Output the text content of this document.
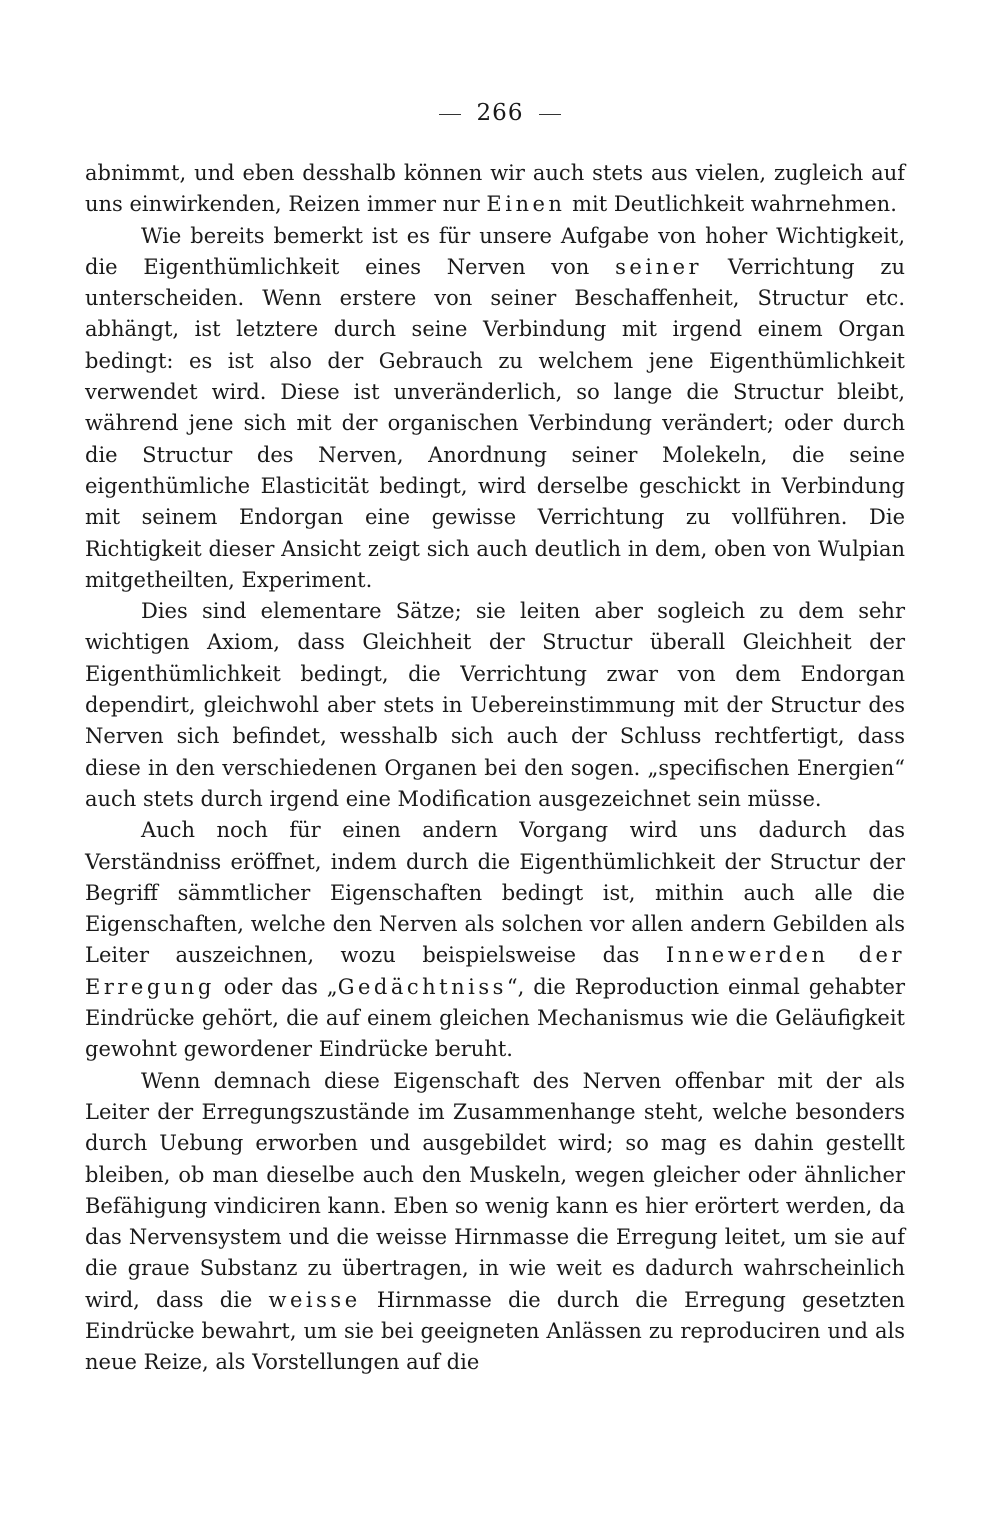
266

abnimmt, und eben desshalb können wir auch stets aus vielen, zugleich auf uns einwirkenden, Reizen immer nur Einen mit Deutlichkeit wahrnehmen.

Wie bereits bemerkt ist es für unsere Aufgabe von hoher Wichtigkeit, die Eigenthümlichkeit eines Nerven von seiner Verrichtung zu unterscheiden. Wenn erstere von seiner Beschaffenheit, Structur etc. abhängt, ist letztere durch seine Verbindung mit irgend einem Organ bedingt: es ist also der Gebrauch zu welchem jene Eigenthümlichkeit verwendet wird. Diese ist unveränderlich, so lange die Structur bleibt, während jene sich mit der organischen Verbindung verändert; oder durch die Structur des Nerven, Anordnung seiner Molekeln, die seine eigenthümliche Elasticität bedingt, wird derselbe geschickt in Verbindung mit seinem Endorgan eine gewisse Verrichtung zu vollführen. Die Richtigkeit dieser Ansicht zeigt sich auch deutlich in dem, oben von Wulpian mitgetheilten, Experiment.

Dies sind elementare Sätze; sie leiten aber sogleich zu dem sehr wichtigen Axiom, dass Gleichheit der Structur überall Gleichheit der Eigenthümlichkeit bedingt, die Verrichtung zwar von dem Endorgan dependirt, gleichwohl aber stets in Uebereinstimmung mit der Structur des Nerven sich befindet, wesshalb sich auch der Schluss rechtfertigt, dass diese in den verschiedenen Organen bei den sogen. „specifischen Energien“ auch stets durch irgend eine Modification ausgezeichnet sein müsse.

Auch noch für einen andern Vorgang wird uns dadurch das Verständniss eröffnet, indem durch die Eigenthümlichkeit der Structur der Begriff sämmtlicher Eigenschaften bedingt ist, mithin auch alle die Eigenschaften, welche den Nerven als solchen vor allen andern Gebilden als Leiter auszeichnen, wozu beispielsweise das Innewerden der Erregung oder das „Gedächtniss“, die Reproduction einmal gehabter Eindrücke gehört, die auf einem gleichen Mechanismus wie die Geläufigkeit gewohnt gewordener Eindrücke beruht.

Wenn demnach diese Eigenschaft des Nerven offenbar mit der als Leiter der Erregungszustände im Zusammenhange steht, welche besonders durch Uebung erworben und ausgebildet wird; so mag es dahin gestellt bleiben, ob man dieselbe auch den Muskeln, wegen gleicher oder ähnlicher Befähigung vindiciren kann. Eben so wenig kann es hier erörtert werden, da das Nervensystem und die weisse Hirnmasse die Erregung leitet, um sie auf die graue Substanz zu übertragen, in wie weit es dadurch wahrscheinlich wird, dass die weisse Hirnmasse die durch die Erregung gesetzten Eindrücke bewahrt, um sie bei geeigneten Anlässen zu reproduciren und als neue Reize, als Vorstellungen auf die
